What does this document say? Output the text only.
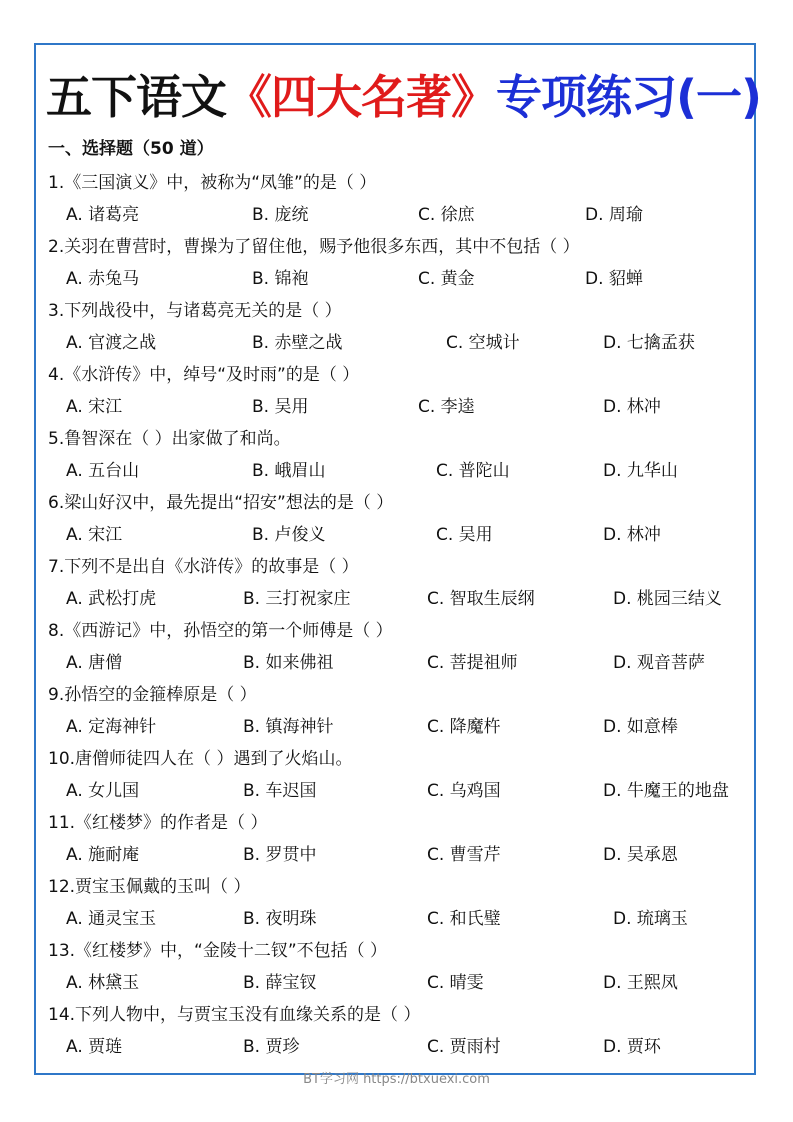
五下语文《四大名著》专项练习(一)
一、选择题（50 道）
1.《三国演义》中，被称为“凤雏”的是（ ）
A. 诸葛亮	B. 庞统	C. 徐庶	D. 周瑜
2.关羽在曹营时，曹操为了留住他，赐予他很多东西，其中不包括（ ）
A. 赤兔马	B. 锦袍	C. 黄金	D. 貂蝉
3.下列战役中，与诸葛亮无关的是（ ）
A. 官渡之战	B. 赤壁之战	C. 空城计	D. 七擒孟获
4.《水浒传》中，绰号“及时雨”的是（ ）
A. 宋江	B. 吴用	C. 李逵	D. 林冲
5.鲁智深在（ ）出家做了和尚。
A. 五台山	B. 峨眉山	C. 普陀山	D. 九华山
6.梁山好汉中，最先提出“招安”想法的是（ ）
A. 宋江	B. 卢俊义	C. 吴用	D. 林冲
7.下列不是出自《水浒传》的故事是（ ）
A. 武松打虎	B. 三打祝家庄	C. 智取生辰纲	D. 桃园三结义
8.《西游记》中，孙悟空的第一个师傅是（ ）
A. 唐僧	B. 如来佛祖	C. 菩提祖师	D. 观音菩萨
9.孙悟空的金箍棒原是（ ）
A. 定海神针	B. 镇海神针	C. 降魔杵	D. 如意棒
10.唐僧师徒四人在（ ）遇到了火焰山。
A. 女儿国	B. 车迟国	C. 乌鸡国	D. 牛魔王的地盘
11.《红楼梦》的作者是（ ）
A. 施耐庵	B. 罗贯中	C. 曹雪芹	D. 吴承恩
12.贾宝玉佩戴的玉叫（ ）
A. 通灵宝玉	B. 夜明珠	C. 和氏璧	D. 琉璃玉
13.《红楼梦》中，“金陵十二钗”不包括（ ）
A. 林黛玉	B. 薛宝钗	C. 晴雯	D. 王熙凤
14.下列人物中，与贾宝玉没有血缘关系的是（ ）
A. 贾琏	B. 贾珍	C. 贾雨村	D. 贾环
BT学习网 https://btxuexi.com
